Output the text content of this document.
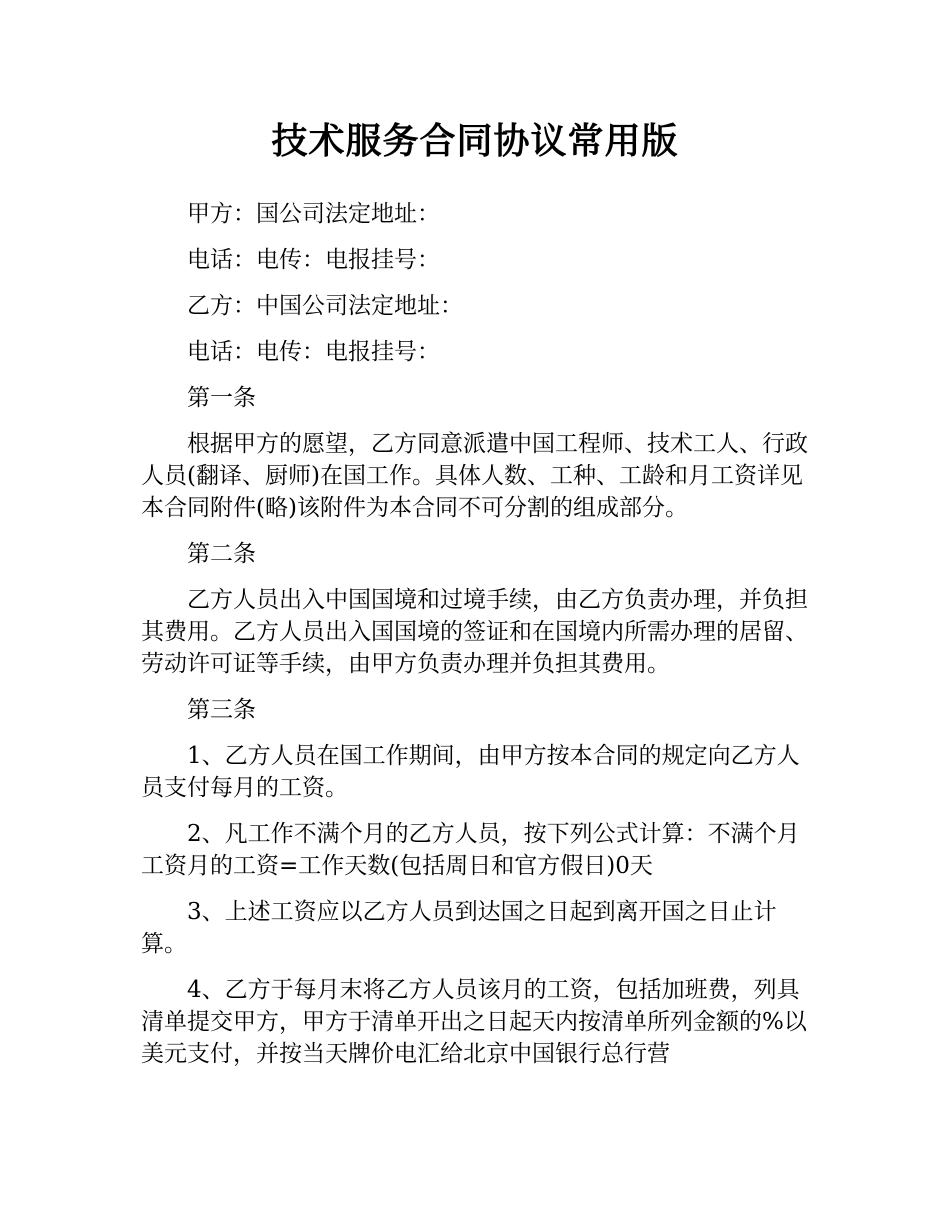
技术服务合同协议常用版

甲方：国公司法定地址：

电话：电传：电报挂号：

乙方：中国公司法定地址：

电话：电传：电报挂号：

第一条

根据甲方的愿望，乙方同意派遣中国工程师、技术工人、行政人员(翻译、厨师)在国工作。具体人数、工种、工龄和月工资详见本合同附件(略)该附件为本合同不可分割的组成部分。

第二条

乙方人员出入中国国境和过境手续，由乙方负责办理，并负担其费用。乙方人员出入国国境的签证和在国境内所需办理的居留、劳动许可证等手续，由甲方负责办理并负担其费用。

第三条

1、乙方人员在国工作期间，由甲方按本合同的规定向乙方人员支付每月的工资。

2、凡工作不满个月的乙方人员，按下列公式计算：不满个月工资月的工资=工作天数(包括周日和官方假日)0天

3、上述工资应以乙方人员到达国之日起到离开国之日止计算。

4、乙方于每月末将乙方人员该月的工资，包括加班费，列具清单提交甲方，甲方于清单开出之日起天内按清单所列金额的%以美元支付，并按当天牌价电汇给北京中国银行总行营
